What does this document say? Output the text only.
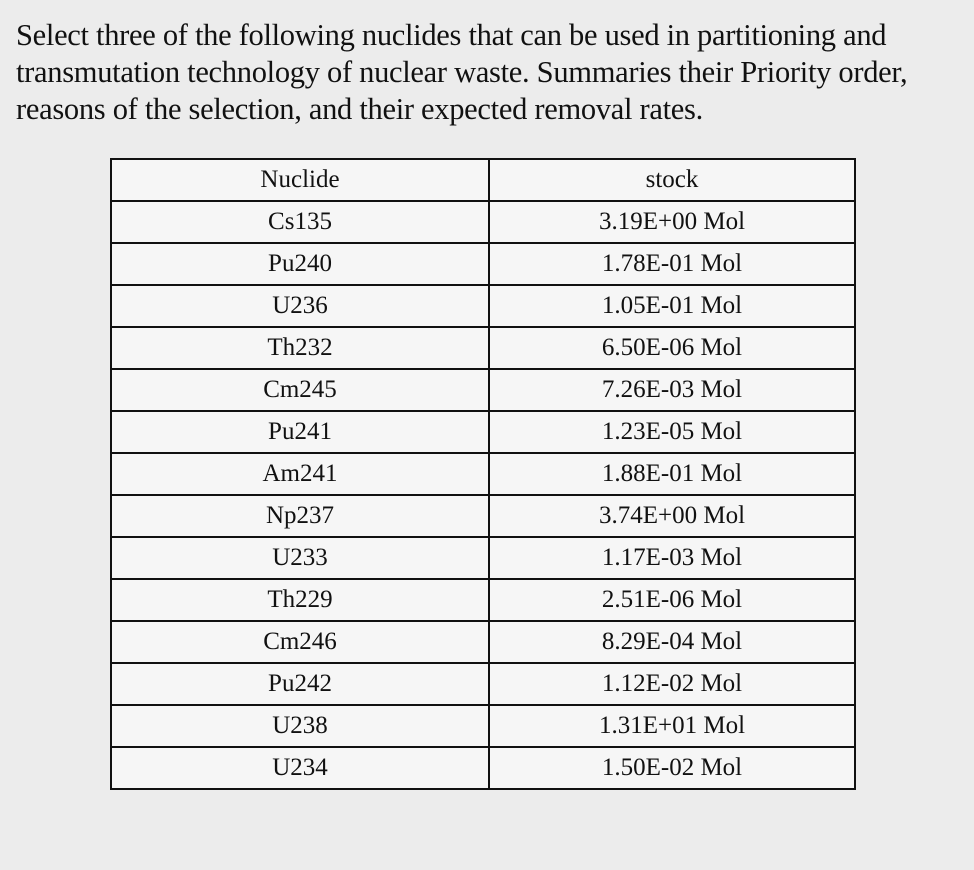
Select three of the following nuclides that can be used in partitioning and transmutation technology of nuclear waste. Summaries their Priority order, reasons of the selection, and their expected removal rates.

Nuclide	stock
Cs135	3.19E+00 Mol
Pu240	1.78E-01 Mol
U236	1.05E-01 Mol
Th232	6.50E-06 Mol
Cm245	7.26E-03 Mol
Pu241	1.23E-05 Mol
Am241	1.88E-01 Mol
Np237	3.74E+00 Mol
U233	1.17E-03 Mol
Th229	2.51E-06 Mol
Cm246	8.29E-04 Mol
Pu242	1.12E-02 Mol
U238	1.31E+01 Mol
U234	1.50E-02 Mol
